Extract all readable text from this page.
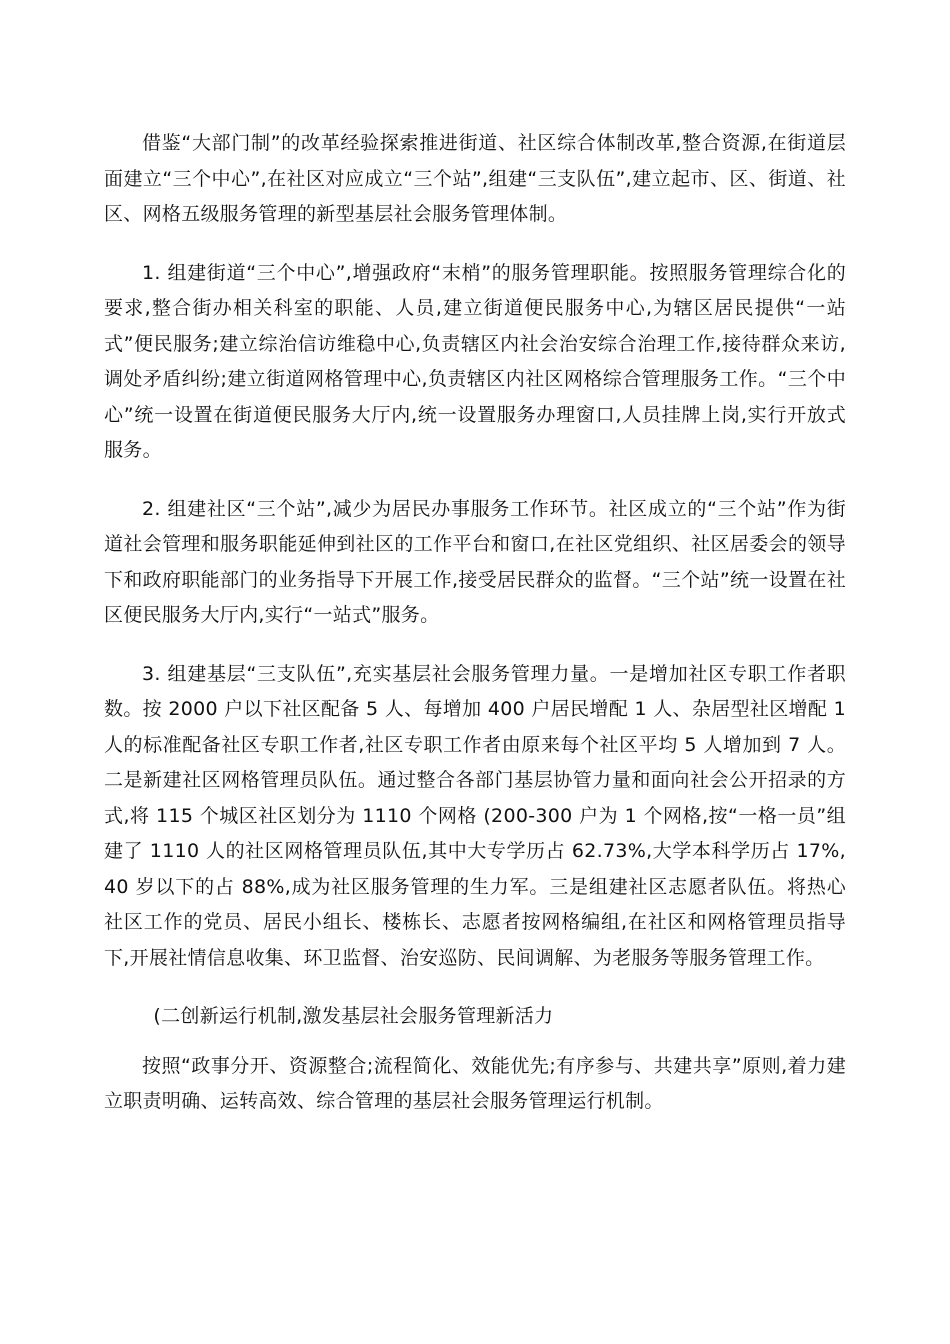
借鉴“大部门制”的改革经验探索推进街道、社区综合体制改革,整合资源,在街道层面建立“三个中心”,在社区对应成立“三个站”,组建“三支队伍”,建立起市、区、街道、社区、网格五级服务管理的新型基层社会服务管理体制。

1. 组建街道“三个中心”,增强政府“末梢”的服务管理职能。按照服务管理综合化的要求,整合街办相关科室的职能、人员,建立街道便民服务中心,为辖区居民提供“一站式”便民服务;建立综治信访维稳中心,负责辖区内社会治安综合治理工作,接待群众来访,调处矛盾纠纷;建立街道网格管理中心,负责辖区内社区网格综合管理服务工作。“三个中心”统一设置在街道便民服务大厅内,统一设置服务办理窗口,人员挂牌上岗,实行开放式服务。

2. 组建社区“三个站”,减少为居民办事服务工作环节。社区成立的“三个站”作为街道社会管理和服务职能延伸到社区的工作平台和窗口,在社区党组织、社区居委会的领导下和政府职能部门的业务指导下开展工作,接受居民群众的监督。“三个站”统一设置在社区便民服务大厅内,实行“一站式”服务。

3. 组建基层“三支队伍”,充实基层社会服务管理力量。一是增加社区专职工作者职数。按 2000 户以下社区配备 5 人、每增加 400 户居民增配 1 人、杂居型社区增配 1 人的标准配备社区专职工作者,社区专职工作者由原来每个社区平均 5 人增加到 7 人。二是新建社区网格管理员队伍。通过整合各部门基层协管力量和面向社会公开招录的方式,将 115 个城区社区划分为 1110 个网格 (200-300 户为 1 个网格,按“一格一员”组建了 1110 人的社区网格管理员队伍,其中大专学历占 62.73%,大学本科学历占 17%,40 岁以下的占 88%,成为社区服务管理的生力军。三是组建社区志愿者队伍。将热心社区工作的党员、居民小组长、楼栋长、志愿者按网格编组,在社区和网格管理员指导下,开展社情信息收集、环卫监督、治安巡防、民间调解、为老服务等服务管理工作。

(二创新运行机制,激发基层社会服务管理新活力

按照“政事分开、资源整合;流程简化、效能优先;有序参与、共建共享”原则,着力建立职责明确、运转高效、综合管理的基层社会服务管理运行机制。
